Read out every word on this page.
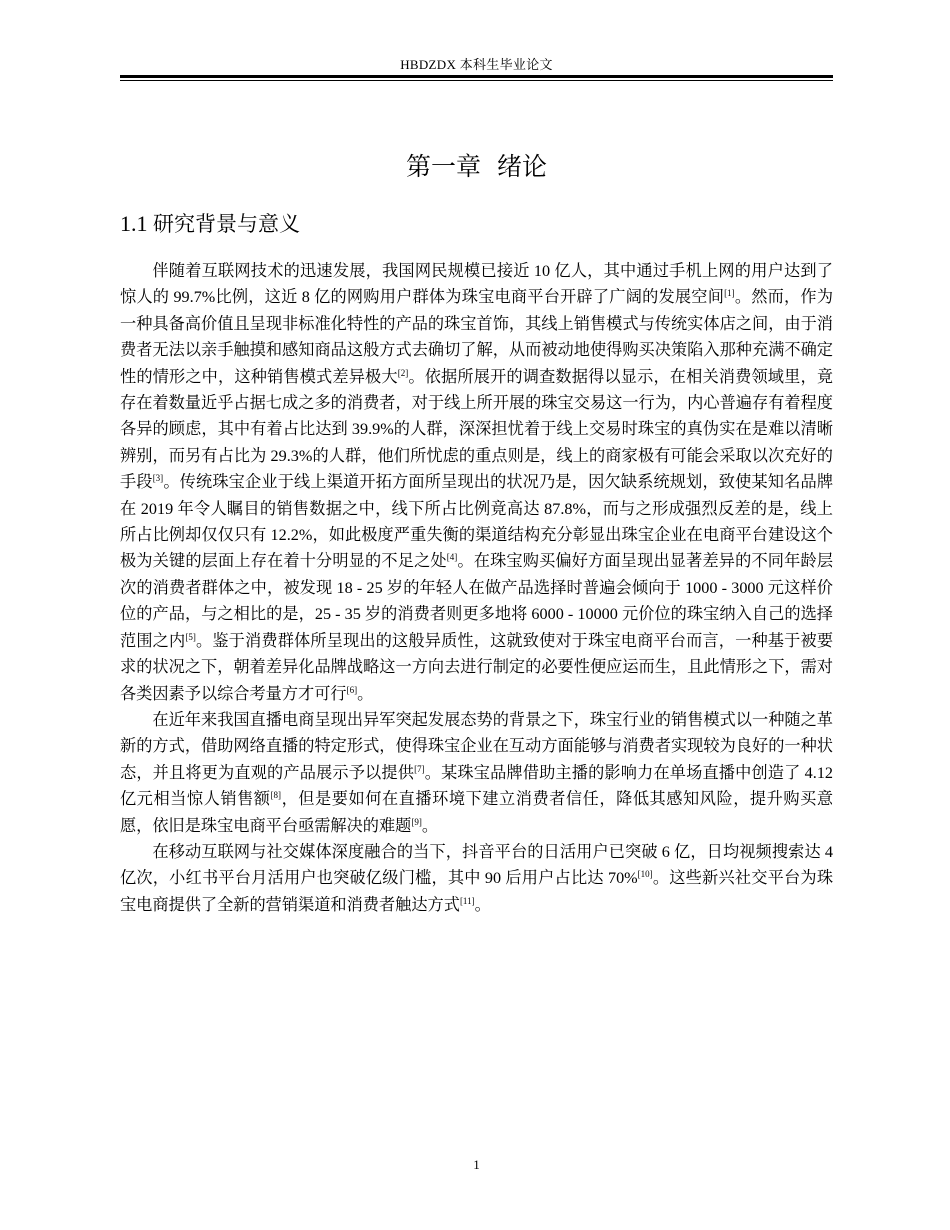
HBDZDX 本科生毕业论文
第一章  绪论
1.1 研究背景与意义

伴随着互联网技术的迅速发展，我国网民规模已接近 10 亿人，其中通过手机上网的用户达到了惊人的 99.7%比例，这近 8 亿的网购用户群体为珠宝电商平台开辟了广阔的发展空间[1]。然而，作为一种具备高价值且呈现非标准化特性的产品的珠宝首饰，其线上销售模式与传统实体店之间，由于消费者无法以亲手触摸和感知商品这般方式去确切了解，从而被动地使得购买决策陷入那种充满不确定性的情形之中，这种销售模式差异极大[2]。依据所展开的调查数据得以显示，在相关消费领域里，竟存在着数量近乎占据七成之多的消费者，对于线上所开展的珠宝交易这一行为，内心普遍存有着程度各异的顾虑，其中有着占比达到 39.9%的人群，深深担忧着于线上交易时珠宝的真伪实在是难以清晰辨别，而另有占比为 29.3%的人群，他们所忧虑的重点则是，线上的商家极有可能会采取以次充好的手段[3]。传统珠宝企业于线上渠道开拓方面所呈现出的状况乃是，因欠缺系统规划，致使某知名品牌在 2019 年令人瞩目的销售数据之中，线下所占比例竟高达 87.8%，而与之形成强烈反差的是，线上所占比例却仅仅只有 12.2%，如此极度严重失衡的渠道结构充分彰显出珠宝企业在电商平台建设这个极为关键的层面上存在着十分明显的不足之处[4]。在珠宝购买偏好方面呈现出显著差异的不同年龄层次的消费者群体之中，被发现 18 - 25 岁的年轻人在做产品选择时普遍会倾向于 1000 - 3000 元这样价位的产品，与之相比的是，25 - 35 岁的消费者则更多地将 6000 - 10000 元价位的珠宝纳入自己的选择范围之内[5]。鉴于消费群体所呈现出的这般异质性，这就致使对于珠宝电商平台而言，一种基于被要求的状况之下，朝着差异化品牌战略这一方向去进行制定的必要性便应运而生，且此情形之下，需对各类因素予以综合考量方才可行[6]。

在近年来我国直播电商呈现出异军突起发展态势的背景之下，珠宝行业的销售模式以一种随之革新的方式，借助网络直播的特定形式，使得珠宝企业在互动方面能够与消费者实现较为良好的一种状态，并且将更为直观的产品展示予以提供[7]。某珠宝品牌借助主播的影响力在单场直播中创造了 4.12 亿元相当惊人销售额[8]，但是要如何在直播环境下建立消费者信任，降低其感知风险，提升购买意愿，依旧是珠宝电商平台亟需解决的难题[9]。

在移动互联网与社交媒体深度融合的当下，抖音平台的日活用户已突破 6 亿，日均视频搜索达 4 亿次，小红书平台月活用户也突破亿级门槛，其中 90 后用户占比达 70%[10]。这些新兴社交平台为珠宝电商提供了全新的营销渠道和消费者触达方式[11]。

1
